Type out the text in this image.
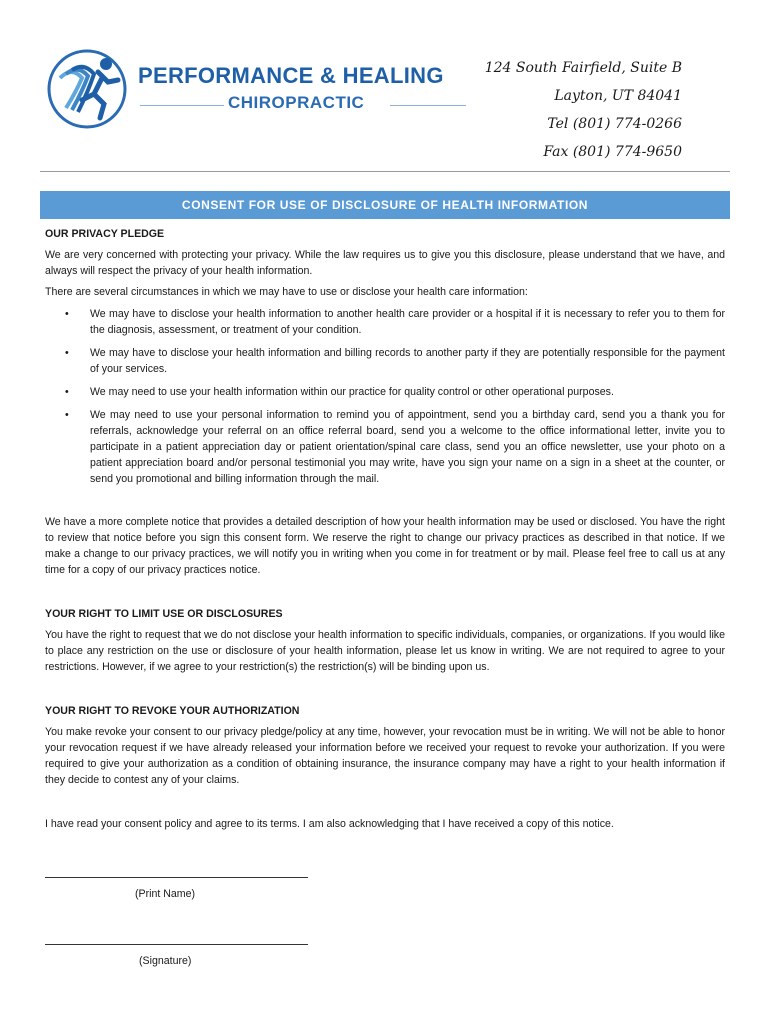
PERFORMANCE & HEALING
CHIROPRACTIC
124 South Fairfield, Suite B
Layton, UT 84041
Tel (801) 774-0266
Fax (801) 774-9650
CONSENT FOR USE OF DISCLOSURE OF HEALTH INFORMATION

OUR PRIVACY PLEDGE

We are very concerned with protecting your privacy. While the law requires us to give you this disclosure, please understand that we have, and always will respect the privacy of your health information.

There are several circumstances in which we may have to use or disclose your health care information:

• We may have to disclose your health information to another health care provider or a hospital if it is necessary to refer you to them for the diagnosis, assessment, or treatment of your condition.
• We may have to disclose your health information and billing records to another party if they are potentially responsible for the payment of your services.
• We may need to use your health information within our practice for quality control or other operational purposes.
• We may need to use your personal information to remind you of appointment, send you a birthday card, send you a thank you for referrals, acknowledge your referral on an office referral board, send you a welcome to the office informational letter, invite you to participate in a patient appreciation day or patient orientation/spinal care class, send you an office newsletter, use your photo on a patient appreciation board and/or personal testimonial you may write, have you sign your name on a sign in a sheet at the counter, or send you promotional and billing information through the mail.

We have a more complete notice that provides a detailed description of how your health information may be used or disclosed. You have the right to review that notice before you sign this consent form. We reserve the right to change our privacy practices as described in that notice. If we make a change to our privacy practices, we will notify you in writing when you come in for treatment or by mail. Please feel free to call us at any time for a copy of our privacy practices notice.

YOUR RIGHT TO LIMIT USE OR DISCLOSURES

You have the right to request that we do not disclose your health information to specific individuals, companies, or organizations. If you would like to place any restriction on the use or disclosure of your health information, please let us know in writing. We are not required to agree to your restrictions. However, if we agree to your restriction(s) the restriction(s) will be binding upon us.

YOUR RIGHT TO REVOKE YOUR AUTHORIZATION

You make revoke your consent to our privacy pledge/policy at any time, however, your revocation must be in writing. We will not be able to honor your revocation request if we have already released your information before we received your request to revoke your authorization. If you were required to give your authorization as a condition of obtaining insurance, the insurance company may have a right to your health information if they decide to contest any of your claims.

I have read your consent policy and agree to its terms. I am also acknowledging that I have received a copy of this notice.

(Print Name)
(Signature)
